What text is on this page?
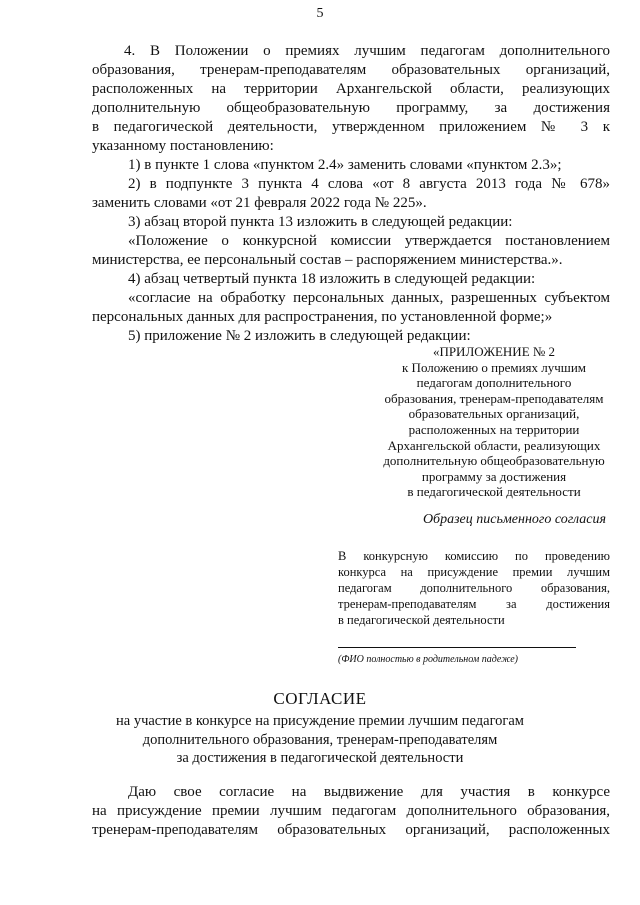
5
4. В Положении о премиях лучшим педагогам дополнительного
образования, тренерам-преподавателям образовательных организаций,
расположенных на территории Архангельской области, реализующих
дополнительную общеобразовательную программу, за достижения
в педагогической деятельности, утвержденном приложением № 3 к
указанному постановлению:
1) в пункте 1 слова «пунктом 2.4» заменить словами «пунктом 2.3»;
2) в подпункте 3 пункта 4 слова «от 8 августа 2013 года № 678»
заменить словами «от 21 февраля 2022 года № 225».
3) абзац второй пункта 13 изложить в следующей редакции:
«Положение о конкурсной комиссии утверждается постановлением
министерства, ее персональный состав – распоряжением министерства.».
4) абзац четвертый пункта 18 изложить в следующей редакции:
«согласие на обработку персональных данных, разрешенных субъектом
персональных данных для распространения, по установленной форме;»
5) приложение № 2 изложить в следующей редакции:
«ПРИЛОЖЕНИЕ № 2
к Положению о премиях лучшим
педагогам дополнительного
образования, тренерам-преподавателям
образовательных организаций,
расположенных на территории
Архангельской области, реализующих
дополнительную общеобразовательную
программу за достижения
в педагогической деятельности
Образец письменного согласия
В конкурсную комиссию по проведению
конкурса на присуждение премии лучшим
педагогам дополнительного образования,
тренерам-преподавателям за достижения
в педагогической деятельности
(ФИО полностью в родительном падеже)
СОГЛАСИЕ
на участие в конкурсе на присуждение премии лучшим педагогам
дополнительного образования, тренерам-преподавателям
за достижения в педагогической деятельности
Даю свое согласие на выдвижение для участия в конкурсе
на присуждение премии лучшим педагогам дополнительного образования,
тренерам-преподавателям образовательных организаций, расположенных
